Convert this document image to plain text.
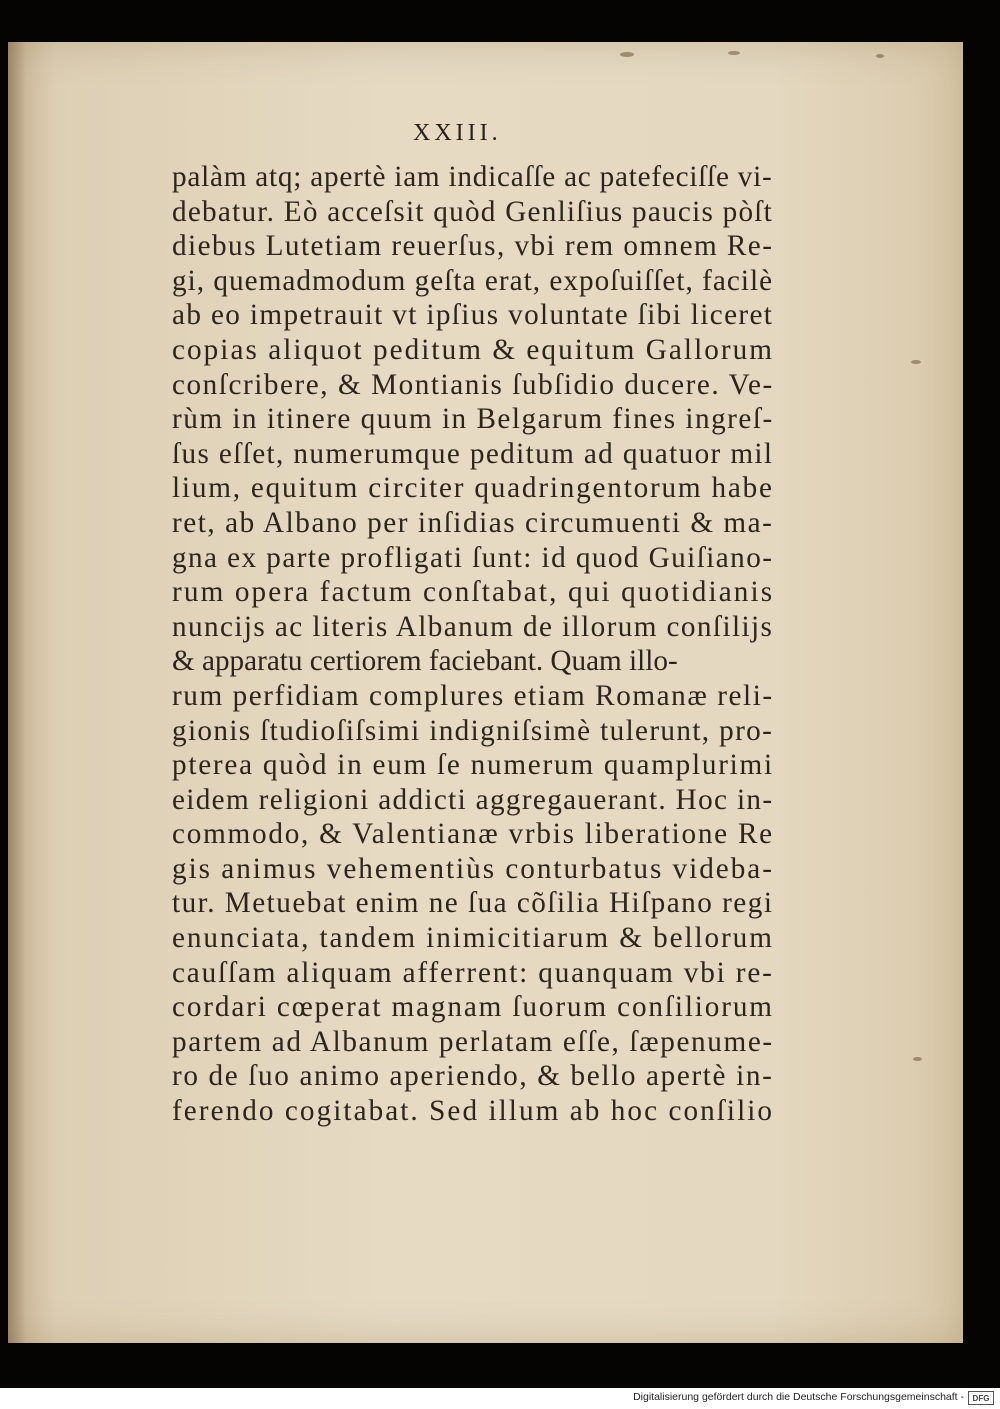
XXIII.

palàm atq; apertè iam indicaſſe ac patefeciſſe vi-
debatur. Eò acceſsit quòd Genliſius paucis pòſt
diebus Lutetiam reuerſus, vbi rem omnem Re-
gi, quemadmodum geſta erat, expoſuiſſet, facilè
ab eo impetrauit vt ipſius voluntate ſibi liceret
copias aliquot peditum & equitum Gallorum
conſcribere, & Montianis ſubſidio ducere. Ve-
rùm in itinere quum in Belgarum fines ingreſ-
ſus eſſet, numerumque peditum ad quatuor mil
lium, equitum circiter quadringentorum habe
ret, ab Albano per inſidias circumuenti & ma-
gna ex parte profligati ſunt: id quod Guiſiano-
rum opera factum conſtabat, qui quotidianis
nuncijs ac literis Albanum de illorum conſilijs
& apparatu certiorem faciebant. Quam illo-
rum perfidiam complures etiam Romanæ reli-
gionis ſtudioſiſsimi indigniſsimè tulerunt, pro-
pterea quòd in eum ſe numerum quamplurimi
eidem religioni addicti aggregauerant. Hoc in-
commodo, & Valentianæ vrbis liberatione Re
gis animus vehementiùs conturbatus videba-
tur. Metuebat enim ne ſua cõſilia Hiſpano regi
enunciata, tandem inimicitiarum & bellorum
cauſſam aliquam afferrent: quanquam vbi re-
cordari cœperat magnam ſuorum conſiliorum
partem ad Albanum perlatam eſſe, ſæpenume-
ro de ſuo animo aperiendo, & bello apertè in-
ferendo cogitabat. Sed illum ab hoc conſilio

Digitalisierung gefördert durch die Deutsche Forschungsgemeinschaft -	DFG
